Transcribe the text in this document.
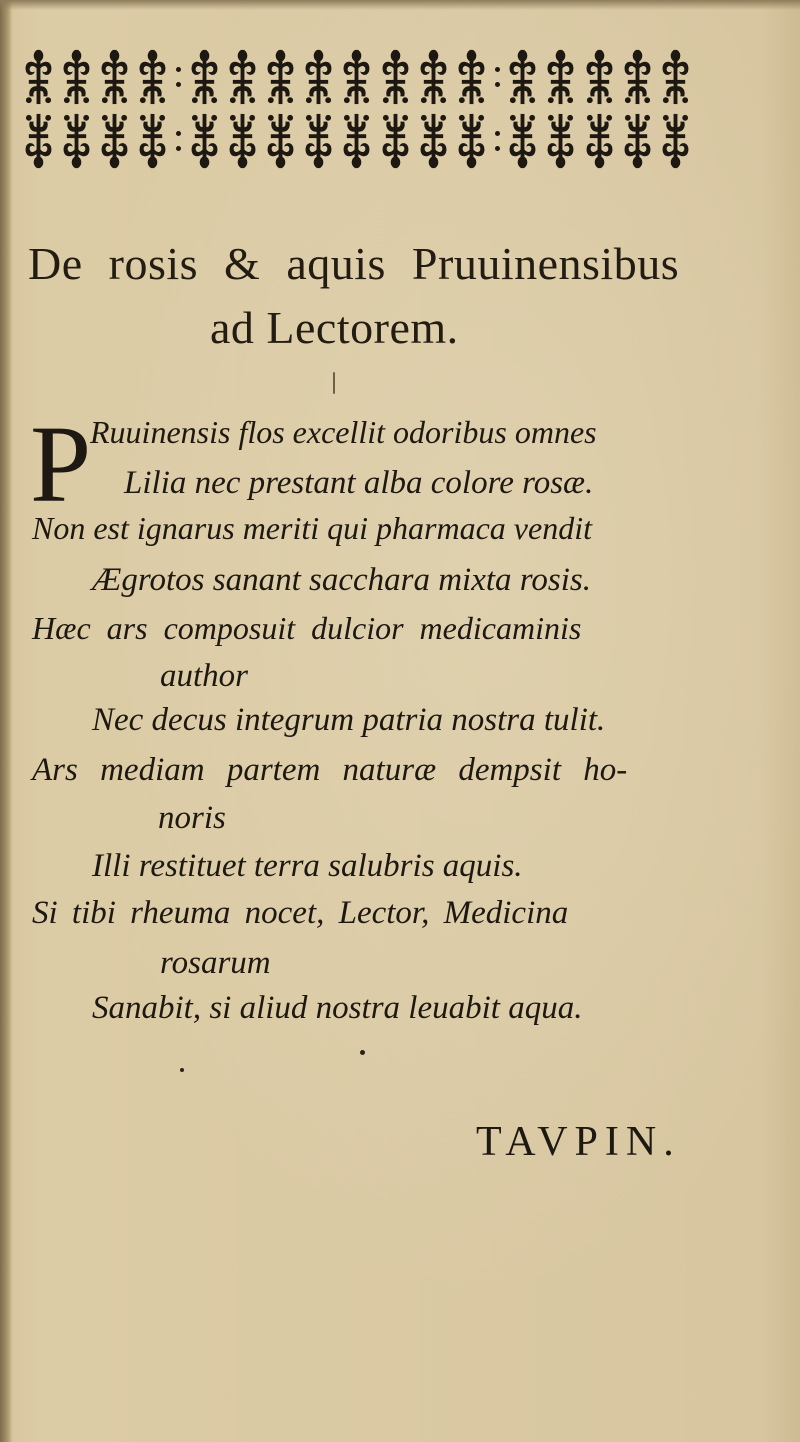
De rosis & aquis Pruuinensibus
ad Lectorem.
P
Ruuinensis flos excellit odoribus omnes
Lilia nec prestant alba colore rosæ.
Non est ignarus meriti qui pharmaca vendit
Ægrotos sanant sacchara mixta rosis.
Hæc ars composuit dulcior medicaminis
author
Nec decus integrum patria nostra tulit.
Ars mediam partem naturæ dempsit ho-
noris
Illi restituet terra salubris aquis.
Si tibi rheuma nocet, Lector, Medicina
rosarum
Sanabit, si aliud nostra leuabit aqua.
TAVPIN.
